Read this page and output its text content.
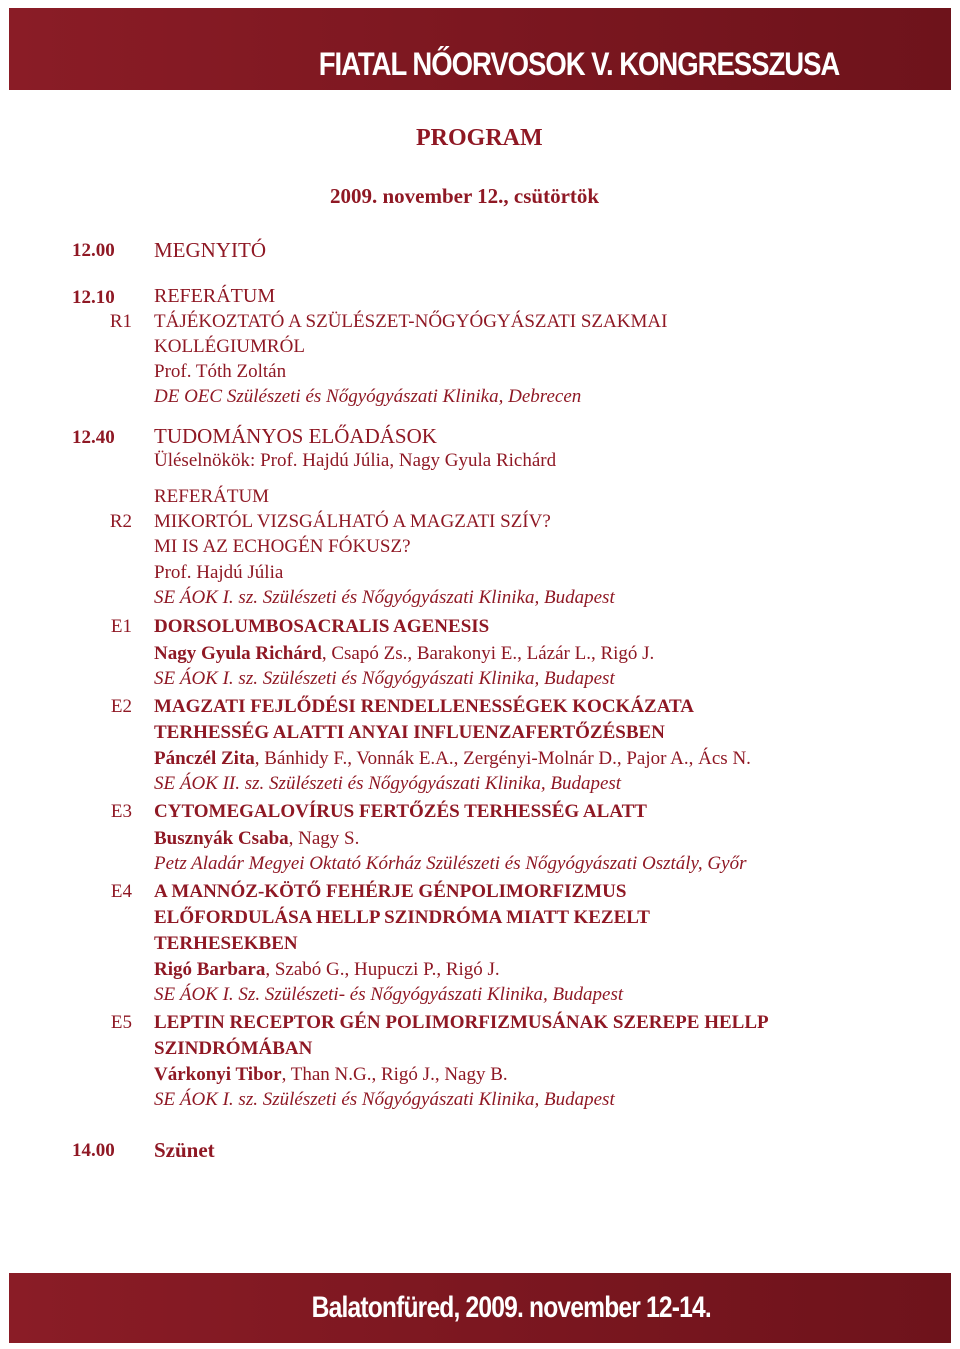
FIATAL NŐORVOSOK V. KONGRESSZUSA
PROGRAM
2009. november 12., csütörtök
12.00 MEGNYITÓ
12.10 REFERÁTUM
R1 TÁJÉKOZTATÓ A SZÜLÉSZET-NŐGYÓGYÁSZATI SZAKMAI
KOLLÉGIUMRÓL
Prof. Tóth Zoltán
DE OEC Szülészeti és Nőgyógyászati Klinika, Debrecen
12.40 TUDOMÁNYOS ELŐADÁSOK
Üléselnökök: Prof. Hajdú Júlia, Nagy Gyula Richárd
REFERÁTUM
R2 MIKORTÓL VIZSGÁLHATÓ A MAGZATI SZÍV?
MI IS AZ ECHOGÉN FÓKUSZ?
Prof. Hajdú Júlia
SE ÁOK I. sz. Szülészeti és Nőgyógyászati Klinika, Budapest
E1 DORSOLUMBOSACRALIS AGENESIS
Nagy Gyula Richárd, Csapó Zs., Barakonyi E., Lázár L., Rigó J.
SE ÁOK I. sz. Szülészeti és Nőgyógyászati Klinika, Budapest
E2 MAGZATI FEJLŐDÉSI RENDELLENESSÉGEK KOCKÁZATA
TERHESSÉG ALATTI ANYAI INFLUENZAFERTŐZÉSBEN
Pánczél Zita, Bánhidy F., Vonnák E.A., Zergényi-Molnár D., Pajor A., Ács N.
SE ÁOK II. sz. Szülészeti és Nőgyógyászati Klinika, Budapest
E3 CYTOMEGALOVÍRUS FERTŐZÉS TERHESSÉG ALATT
Busznyák Csaba, Nagy S.
Petz Aladár Megyei Oktató Kórház Szülészeti és Nőgyógyászati Osztály, Győr
E4 A MANNÓZ-KÖTŐ FEHÉRJE GÉNPOLIMORFIZMUS
ELŐFORDULÁSA HELLP SZINDRÓMA MIATT KEZELT
TERHESEKBEN
Rigó Barbara, Szabó G., Hupuczi P., Rigó J.
SE ÁOK I. Sz. Szülészeti- és Nőgyógyászati Klinika, Budapest
E5 LEPTIN RECEPTOR GÉN POLIMORFIZMUSÁNAK SZEREPE HELLP
SZINDRÓMÁBAN
Várkonyi Tibor, Than N.G., Rigó J., Nagy B.
SE ÁOK I. sz. Szülészeti és Nőgyógyászati Klinika, Budapest
14.00 Szünet
Balatonfüred, 2009. november 12-14.
